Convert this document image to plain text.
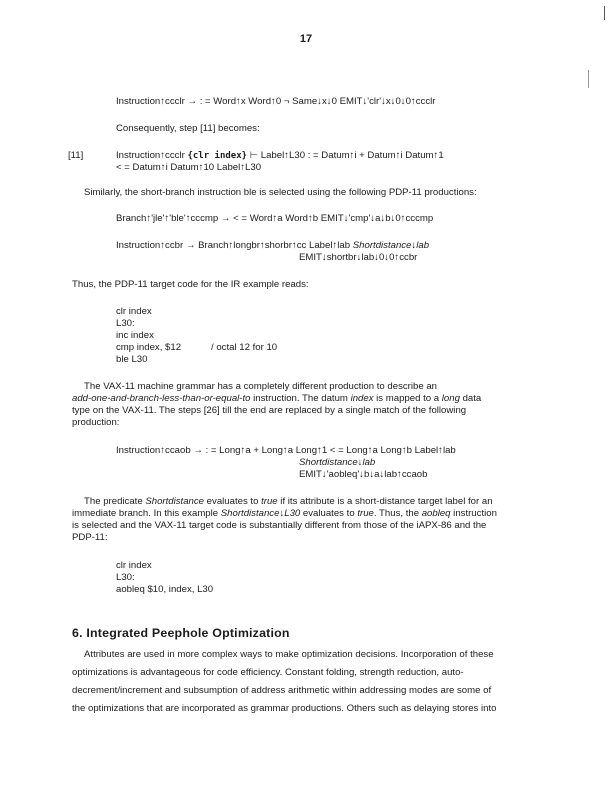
17
Instruction↑ccclr → : = Word↑x Word↑0 ¬ Same↓x↓0 EMIT↓'clr'↓x↓0↓0↑ccclr
Consequently, step [11] becomes:
[11]	Instruction↑ccclr {clr index} ⊢ Label↑L30 : = Datum↑i + Datum↑i Datum↑1
< = Datum↑i Datum↑10 Label↑L30
Similarly, the short-branch instruction ble is selected using the following PDP-11 productions:
Branch↑'jle'↑'ble'↑cccmp → < = Word↑a Word↑b EMIT↓'cmp'↓a↓b↓0↑cccmp
Instruction↑ccbr → Branch↑longbr↑shorbr↑cc Label↑lab Shortdistance↓lab
EMIT↓shortbr↓lab↓0↓0↑ccbr
Thus, the PDP-11 target code for the IR example reads:
clr index
L30:
inc index
cmp index, $12	/ octal 12 for 10
ble L30
The VAX-11 machine grammar has a completely different production to describe an
add-one-and-branch-less-than-or-equal-to instruction. The datum index is mapped to a long data
type on the VAX-11. The steps [26] till the end are replaced by a single match of the following
production:
Instruction↑ccaob → : = Long↑a + Long↑a Long↑1 < = Long↑a Long↑b Label↑lab
Shortdistance↓lab
EMIT↓'aobleq'↓b↓a↓lab↑ccaob
The predicate Shortdistance evaluates to true if its attribute is a short-distance target label for an
immediate branch. In this example Shortdistance↓L30 evaluates to true. Thus, the aobleq instruction
is selected and the VAX-11 target code is substantially different from those of the iAPX-86 and the
PDP-11:
clr index
L30:
aobleq $10, index, L30
6. Integrated Peephole Optimization
Attributes are used in more complex ways to make optimization decisions. Incorporation of these
optimizations is advantageous for code efficiency. Constant folding, strength reduction, auto-
decrement/increment and subsumption of address arithmetic within addressing modes are some of
the optimizations that are incorporated as grammar productions. Others such as delaying stores into
